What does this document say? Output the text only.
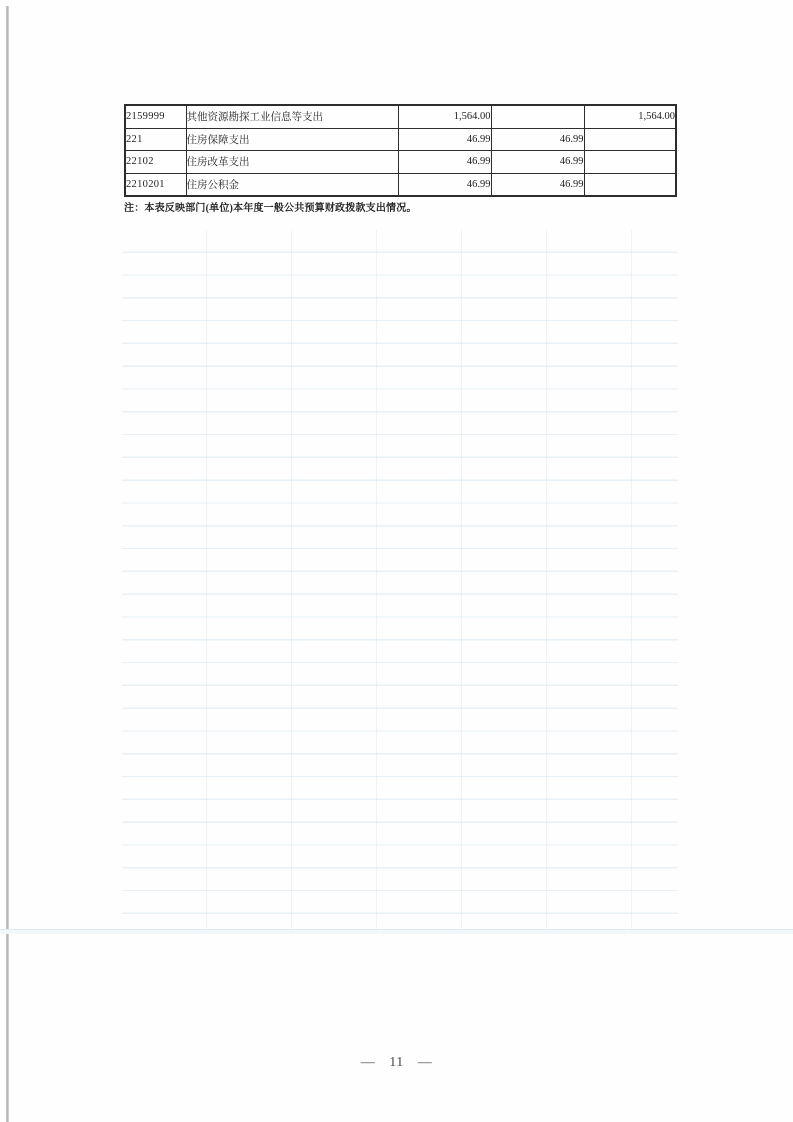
2159999	其他资源勘探工业信息等支出	1,564.00		1,564.00
221	住房保障支出	46.99	46.99	
22102	住房改革支出	46.99	46.99	
2210201	住房公积金	46.99	46.99	
注：本表反映部门(单位)本年度一般公共预算财政拨款支出情况。
— 11 —
